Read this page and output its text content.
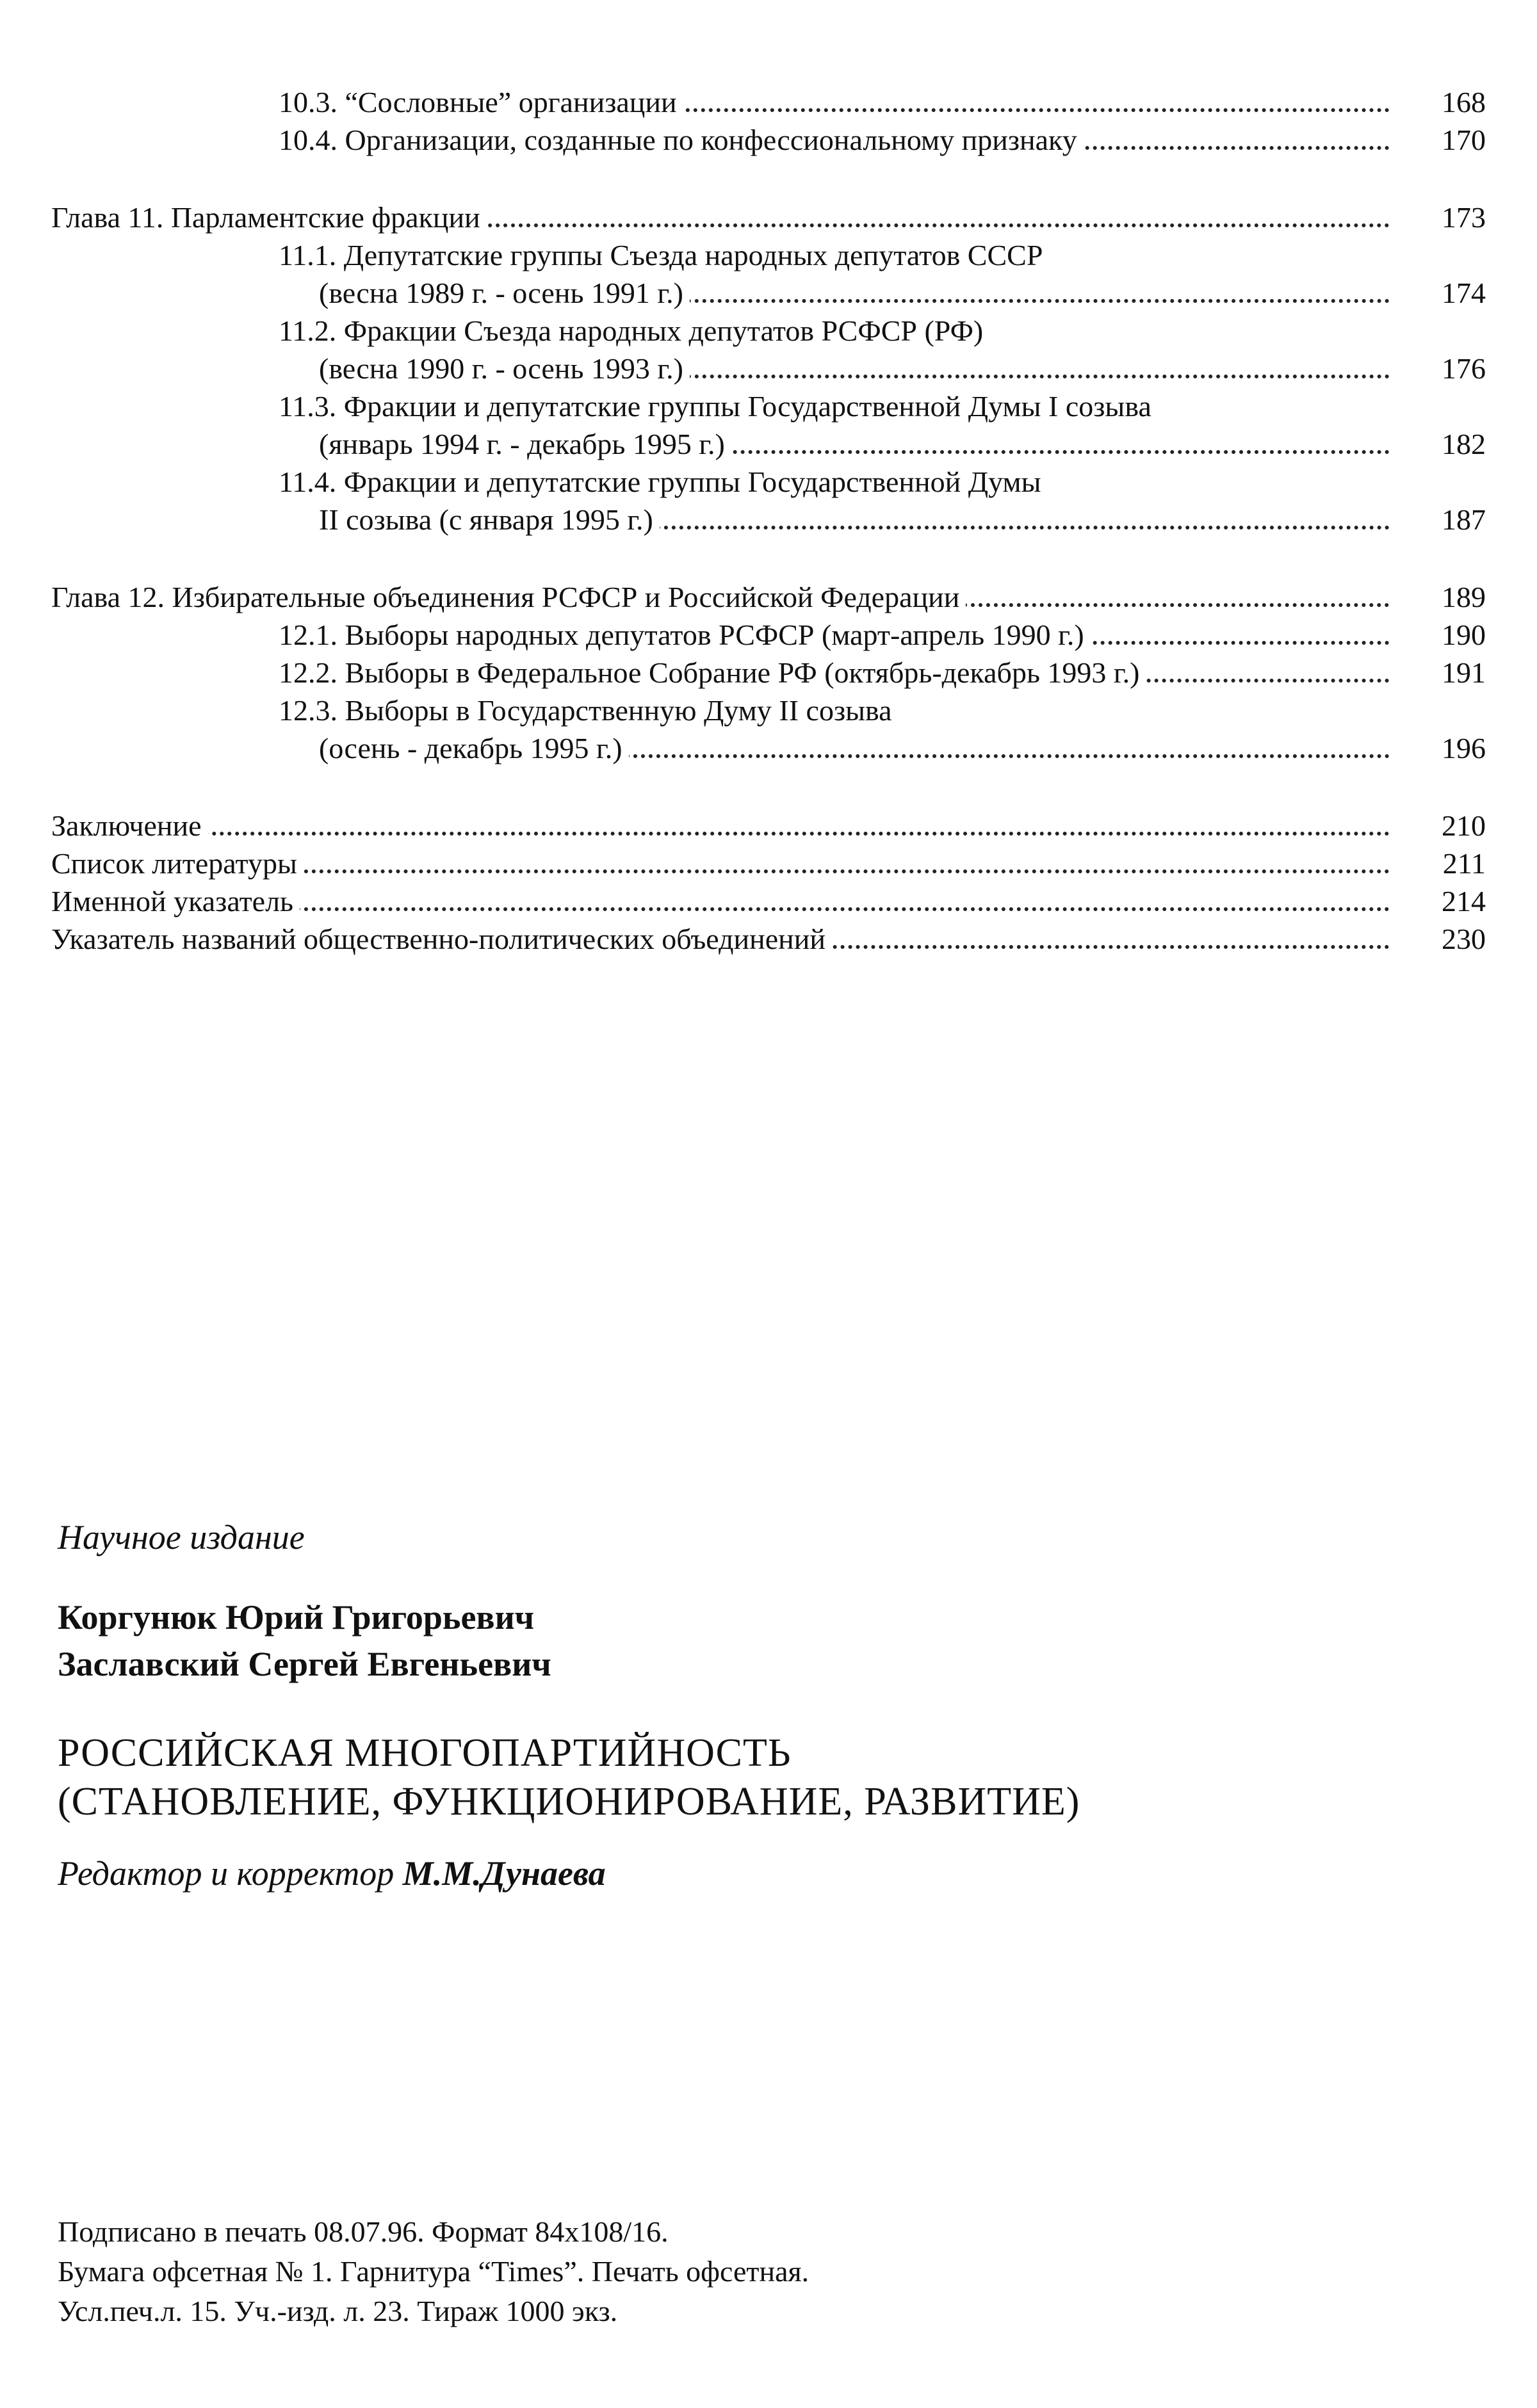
10.3. “Сословные” организации	168
10.4. Организации, созданные по конфессиональному признаку	170
Глава 11. Парламентские фракции	173
11.1. Депутатские группы Съезда народных депутатов СССР
(весна 1989 г. - осень 1991 г.)	174
11.2. Фракции Съезда народных депутатов РСФСР (РФ)
(весна 1990 г. - осень 1993 г.)	176
11.3. Фракции и депутатские группы Государственной Думы I созыва
(январь 1994 г. - декабрь 1995 г.)	182
11.4. Фракции и депутатские группы Государственной Думы
II созыва (с января 1995 г.)	187
Глава 12. Избирательные объединения РСФСР и Российской Федерации	189
12.1. Выборы народных депутатов РСФСР (март-апрель 1990 г.)	190
12.2. Выборы в Федеральное Собрание РФ (октябрь-декабрь 1993 г.)	191
12.3. Выборы в Государственную Думу II созыва
(осень - декабрь 1995 г.)	196
Заключение	210
Список литературы	211
Именной указатель	214
Указатель названий общественно-политических объединений	230
Научное издание
Коргунюк Юрий Григорьевич
Заславский Сергей Евгеньевич
РОССИЙСКАЯ МНОГОПАРТИЙНОСТЬ
(СТАНОВЛЕНИЕ, ФУНКЦИОНИРОВАНИЕ, РАЗВИТИЕ)
Редактор и корректор М.М.Дунаева
Подписано в печать 08.07.96. Формат 84х108/16.
Бумага офсетная № 1. Гарнитура “Times”. Печать офсетная.
Усл.печ.л. 15. Уч.-изд. л. 23. Тираж 1000 экз.
